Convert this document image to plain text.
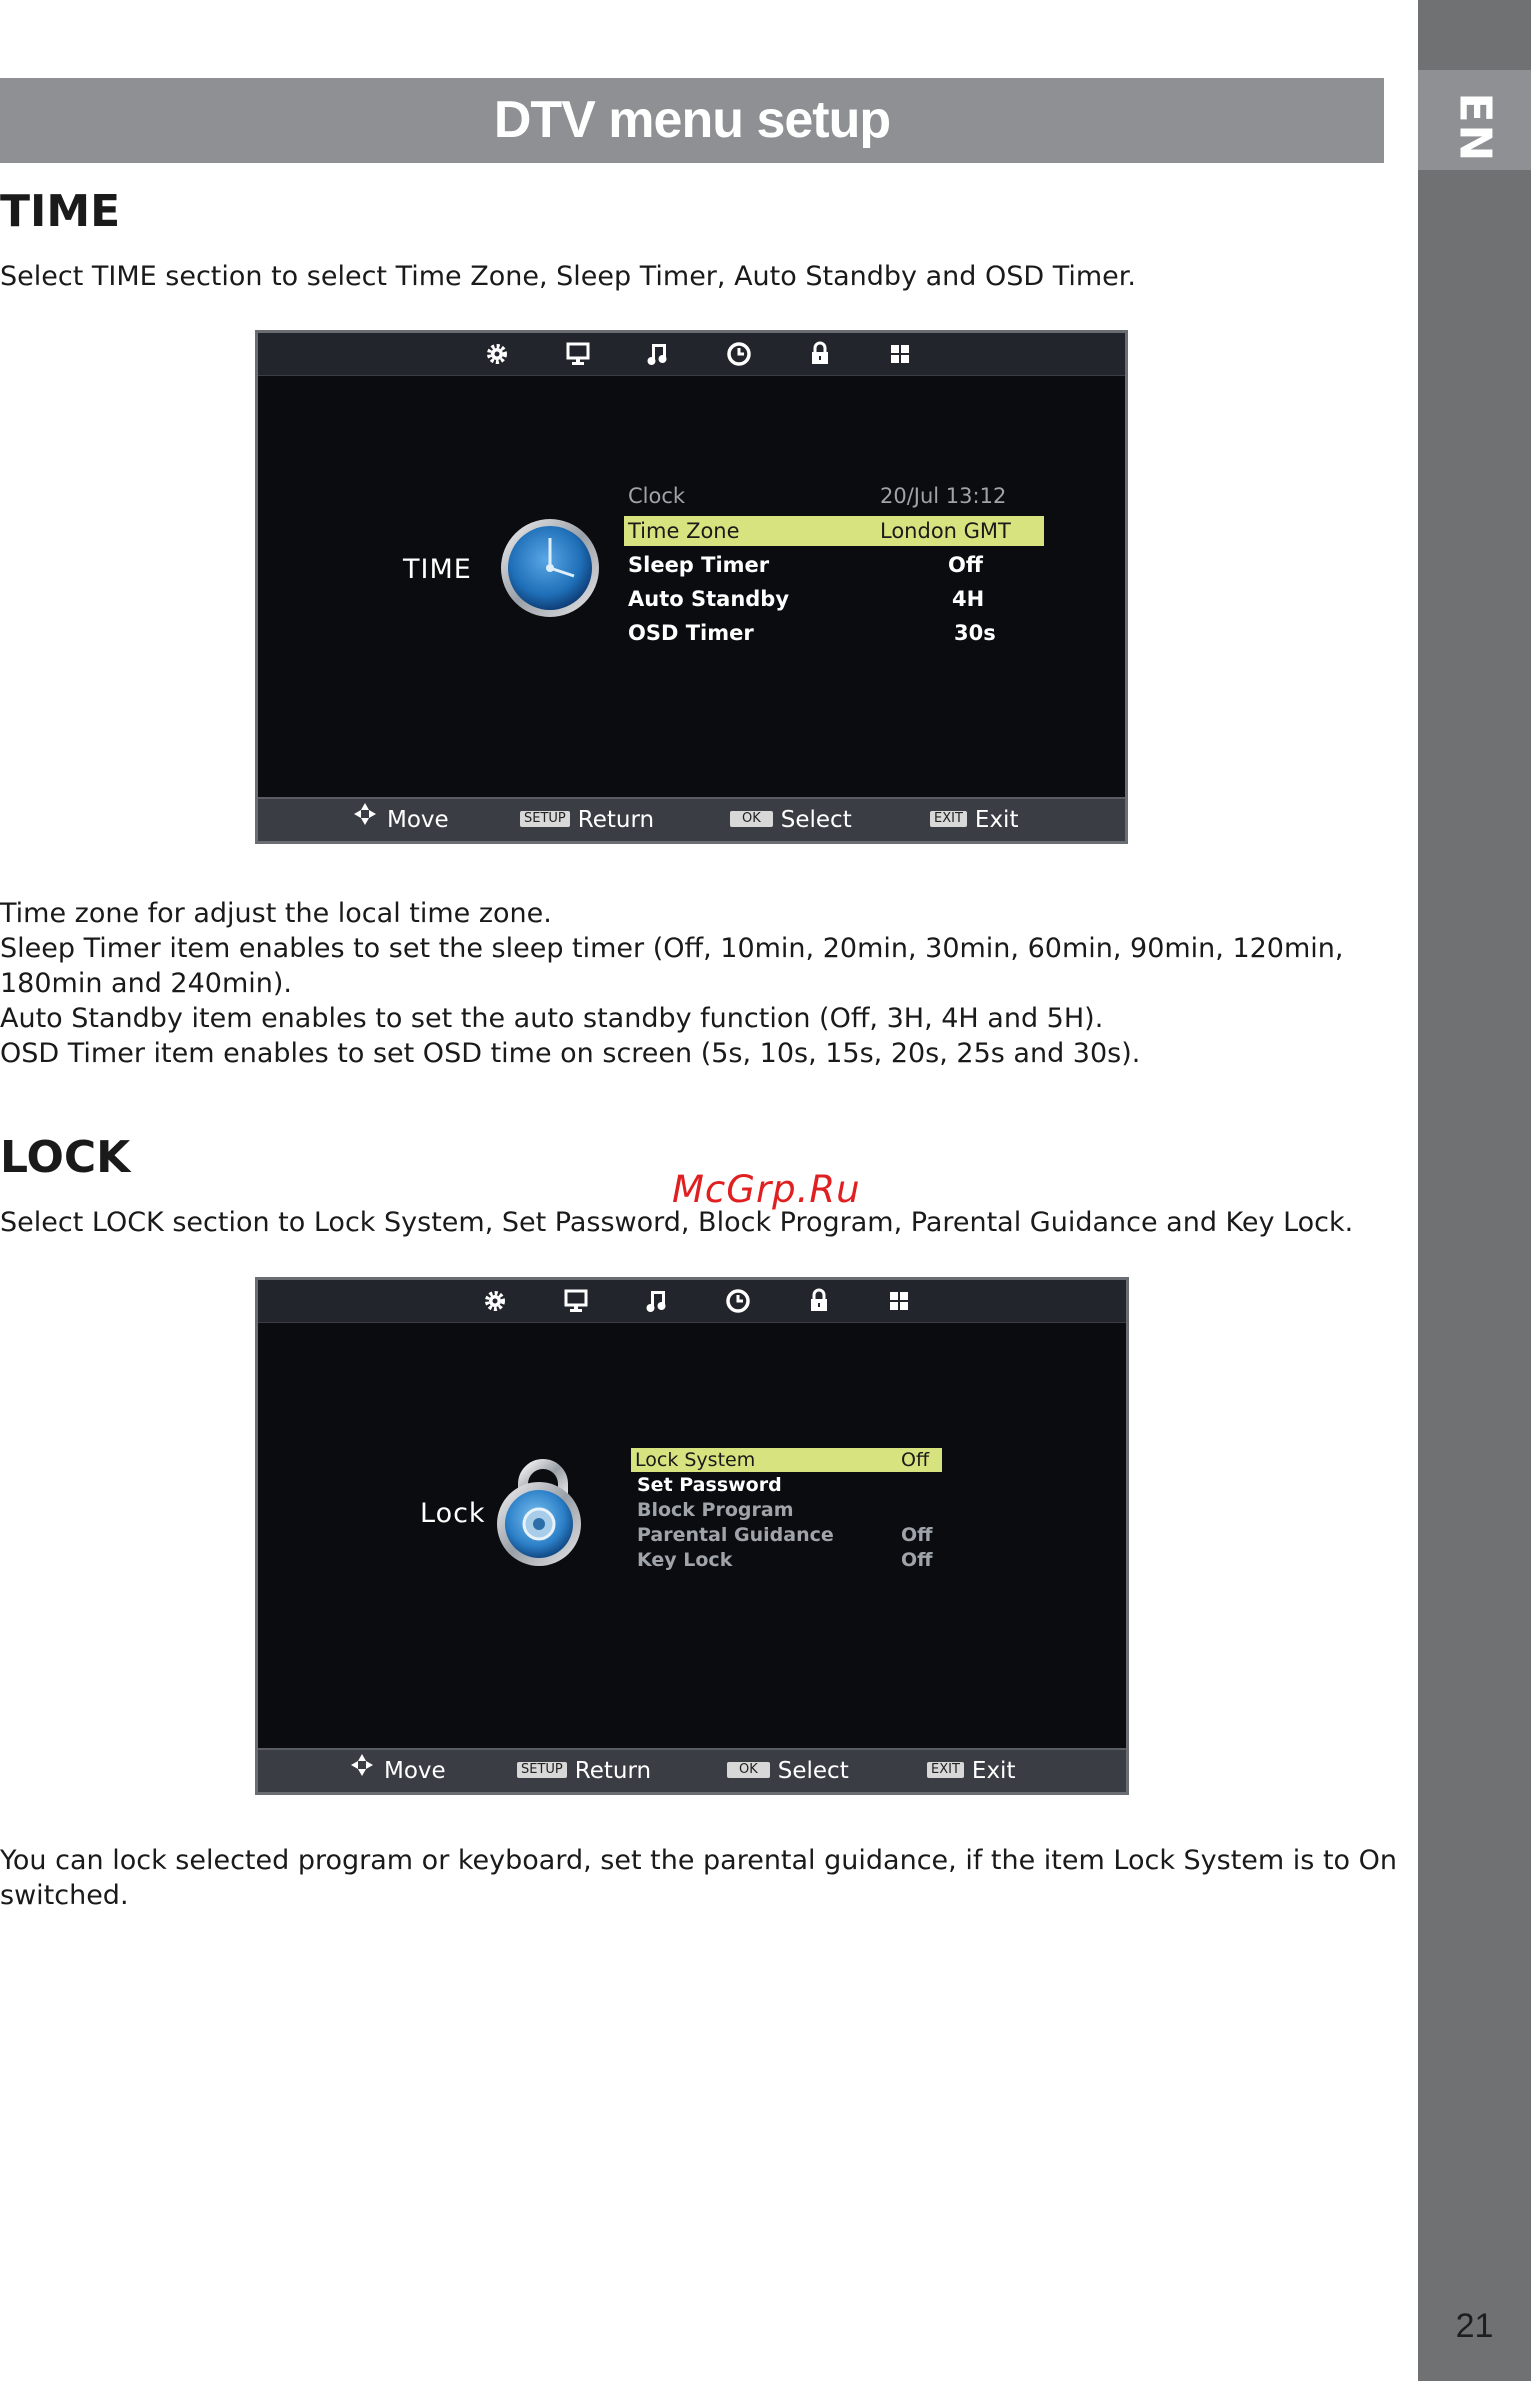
EN
21
DTV menu setup
TIME

Select TIME section to select Time Zone, Sleep Timer, Auto Standby and OSD Timer.

TIME
Clock	20/Jul 13:12
Time Zone	London GMT
Sleep Timer	Off
Auto Standby	4H
OSD Timer	30s
Move	SETUP Return	OK Select	EXIT Exit
Time zone for adjust the local time zone.
Sleep Timer item enables to set the sleep timer (Off, 10min, 20min, 30min, 60min, 90min, 120min,
180min and 240min).
Auto Standby item enables to set the auto standby function (Off, 3H, 4H and 5H).
OSD Timer item enables to set OSD time on screen (5s, 10s, 15s, 20s, 25s and 30s).
LOCK
McGrp.Ru

Select LOCK section to Lock System, Set Password, Block Program, Parental Guidance and Key Lock.

Lock
Lock System	Off
Set Password
Block Program
Parental Guidance	Off
Key Lock	Off
Move	SETUP Return	OK Select	EXIT Exit
You can lock selected program or keyboard, set the parental guidance, if the item Lock System is to On
switched.
